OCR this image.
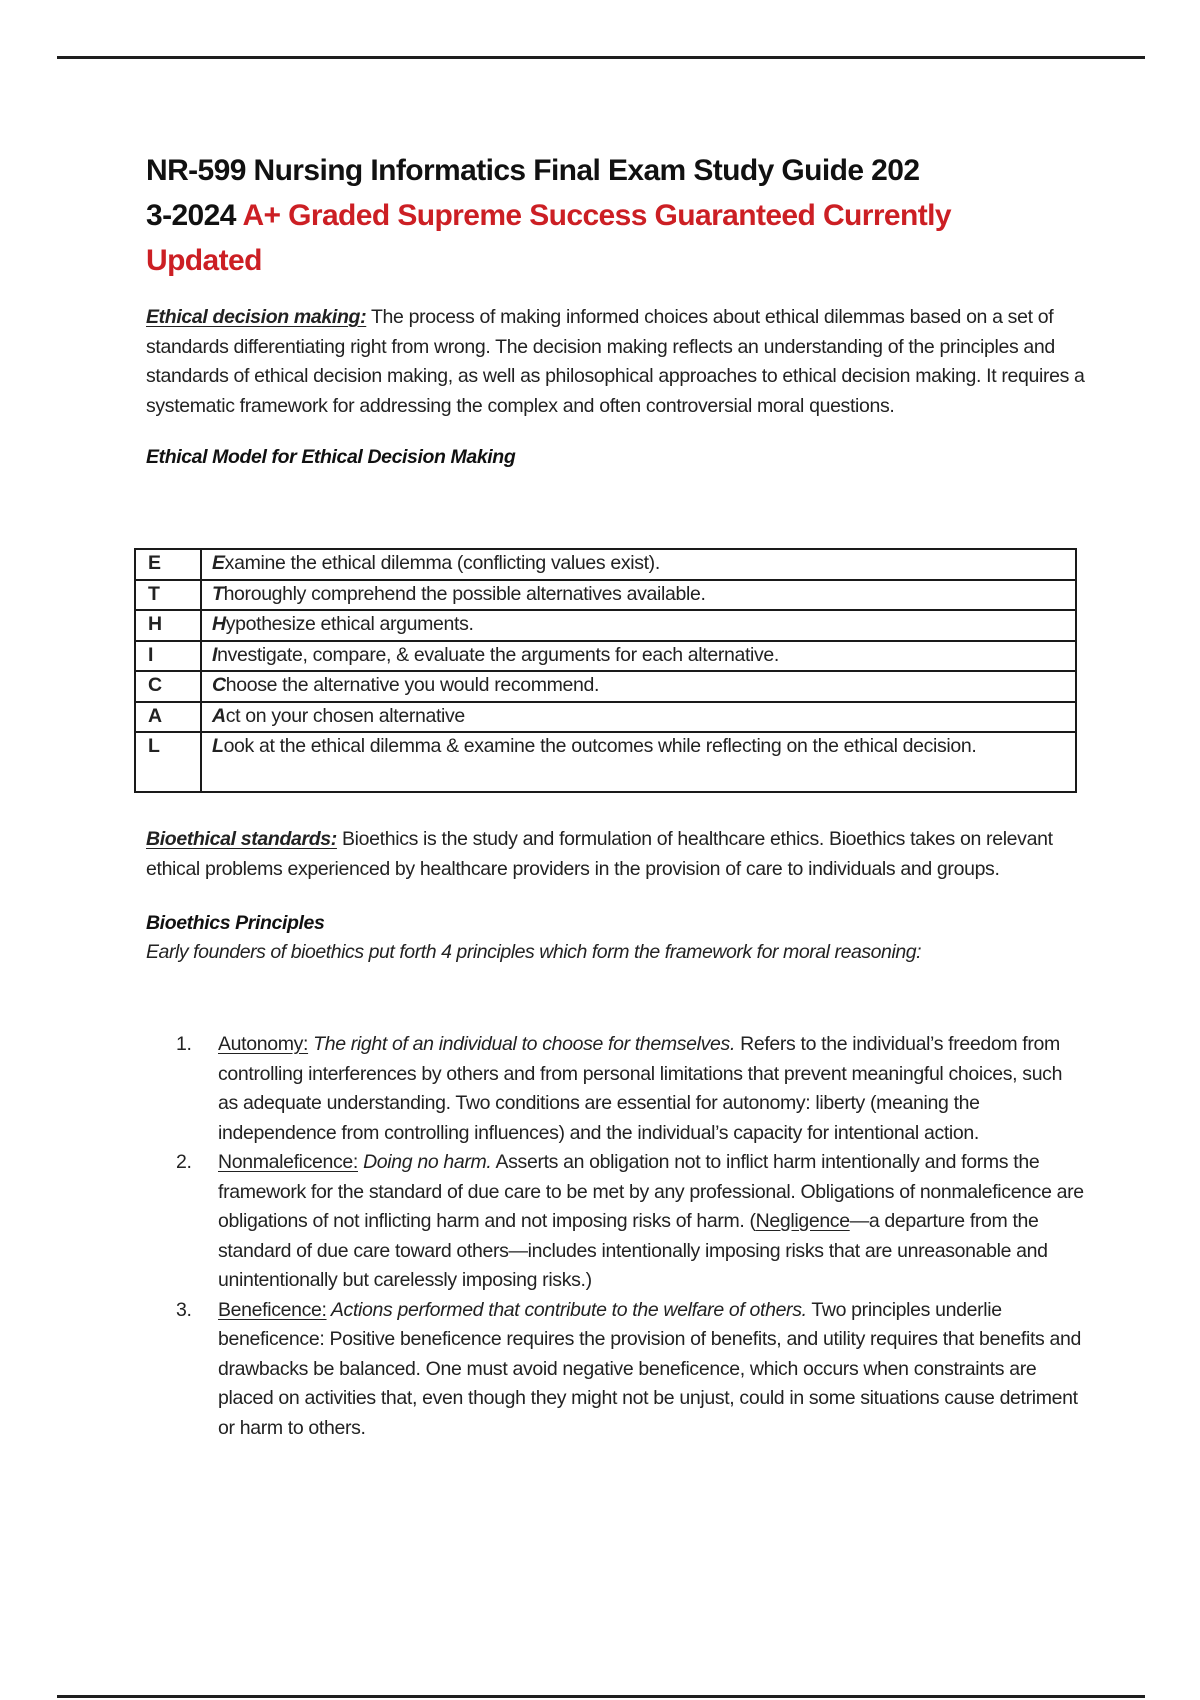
NR-599 Nursing Informatics Final Exam Study Guide 202
3-2024 A+ Graded Supreme Success Guaranteed Currently
Updated

Ethical decision making: The process of making informed choices about ethical dilemmas based on a set of standards differentiating right from wrong. The decision making reflects an understanding of the principles and standards of ethical decision making, as well as philosophical approaches to ethical decision making. It requires a systematic framework for addressing the complex and often controversial moral questions.

Ethical Model for Ethical Decision Making

E	Examine the ethical dilemma (conflicting values exist).
T	Thoroughly comprehend the possible alternatives available.
H	Hypothesize ethical arguments.
I	Investigate, compare, & evaluate the arguments for each alternative.
C	Choose the alternative you would recommend.
A	Act on your chosen alternative
L	Look at the ethical dilemma & examine the outcomes while reflecting on the ethical decision.

Bioethical standards: Bioethics is the study and formulation of healthcare ethics. Bioethics takes on relevant ethical problems experienced by healthcare providers in the provision of care to individuals and groups.

Bioethics Principles

Early founders of bioethics put forth 4 principles which form the framework for moral reasoning:

1. Autonomy: The right of an individual to choose for themselves. Refers to the individual’s freedom from controlling interferences by others and from personal limitations that prevent meaningful choices, such as adequate understanding. Two conditions are essential for autonomy: liberty (meaning the independence from controlling influences) and the individual’s capacity for intentional action.
2. Nonmaleficence: Doing no harm. Asserts an obligation not to inflict harm intentionally and forms the framework for the standard of due care to be met by any professional. Obligations of nonmaleficence are obligations of not inflicting harm and not imposing risks of harm. (Negligence—a departure from the standard of due care toward others—includes intentionally imposing risks that are unreasonable and unintentionally but carelessly imposing risks.)
3. Beneficence: Actions performed that contribute to the welfare of others. Two principles underlie beneficence: Positive beneficence requires the provision of benefits, and utility requires that benefits and drawbacks be balanced. One must avoid negative beneficence, which occurs when constraints are placed on activities that, even though they might not be unjust, could in some situations cause detriment or harm to others.
